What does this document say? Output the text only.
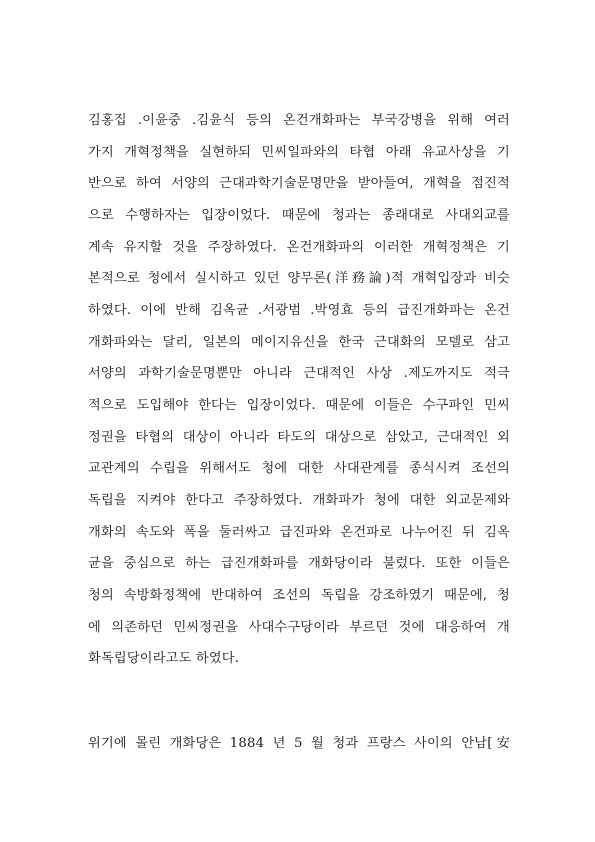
김홍집 .이윤중 .김윤식 등의 온건개화파는 부국강병을 위해 여러
가지 개혁정책을 실현하되 민씨일파와의 타협 아래 유교사상을 기
반으로 하여 서양의 근대과학기술문명만을 받아들여, 개혁을 점진적
으로 수행하자는 입장이었다. 때문에 청과는 종래대로 사대외교를
계속 유지할 것을 주장하였다. 온건개화파의 이러한 개혁정책은 기
본적으로 청에서 실시하고 있던 양무론(洋務論)적 개혁입장과 비슷
하였다. 이에 반해 김옥균 .서광범 .박영효 등의 급진개화파는 온건
개화파와는 달리, 일본의 메이지유신을 한국 근대화의 모델로 삼고
서양의 과학기술문명뿐만 아니라 근대적인 사상 .제도까지도 적극
적으로 도입해야 한다는 입장이었다. 때문에 이들은 수구파인 민씨
정권을 타협의 대상이 아니라 타도의 대상으로 삼았고, 근대적인 외
교관계의 수립을 위해서도 청에 대한 사대관계를 종식시켜 조선의
독립을 지켜야 한다고 주장하였다. 개화파가 청에 대한 외교문제와
개화의 속도와 폭을 둘러싸고 급진파와 온건파로 나누어진 뒤 김옥
균을 중심으로 하는 급진개화파를 개화당이라 불렀다. 또한 이들은
청의 속방화정책에 반대하여 조선의 독립을 강조하였기 때문에, 청
에 의존하던 민씨정권을 사대수구당이라 부르던 것에 대응하여 개
화독립당이라고도 하였다.
위기에 몰린 개화당은 1884 년 5 월 청과 프랑스 사이의 안남[安
